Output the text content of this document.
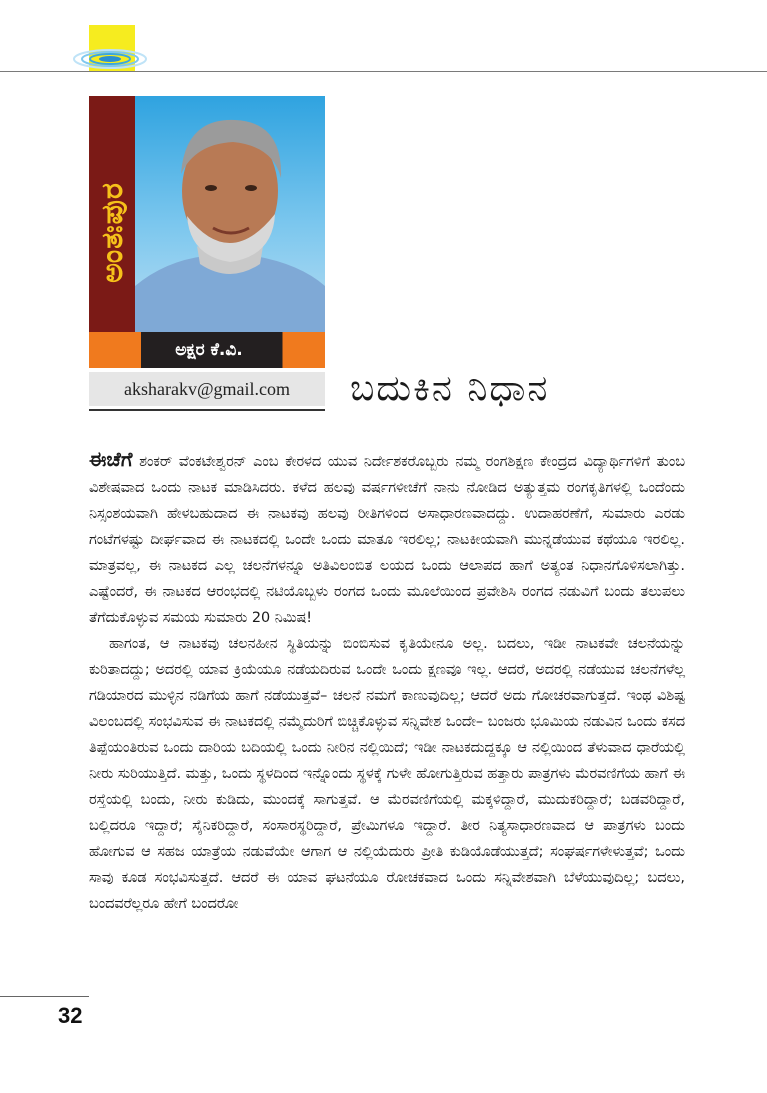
ಅಂತಃಪುರ
ಅಕ್ಷರ ಕೆ.ವಿ.
aksharakv@gmail.com ಬದುಕಿನ ನಿಧಾನ

ಈಚೆಗೆ ಶಂಕರ್ ವೆಂಕಟೇಶ್ವರನ್ ಎಂಬ ಕೇರಳದ ಯುವ ನಿರ್ದೇಶಕರೊಬ್ಬರು ನಮ್ಮ ರಂಗಶಿಕ್ಷಣ ಕೇಂದ್ರದ ವಿದ್ಯಾರ್ಥಿಗಳಿಗೆ ತುಂಬ ವಿಶೇಷವಾದ ಒಂದು ನಾಟಕ ಮಾಡಿಸಿದರು. ಕಳೆದ ಹಲವು ವರ್ಷಗಳೀಚೆಗೆ ನಾನು ನೋಡಿದ ಅತ್ಯುತ್ತಮ ರಂಗಕೃತಿಗಳಲ್ಲಿ ಒಂದೆಂದು ನಿಸ್ಸಂಶಯವಾಗಿ ಹೇಳಬಹುದಾದ ಈ ನಾಟಕವು ಹಲವು ರೀತಿಗಳಿಂದ ಅಸಾಧಾರಣವಾದದ್ದು. ಉದಾಹರಣೆಗೆ, ಸುಮಾರು ಎರಡು ಗಂಟೆಗಳಷ್ಟು ದೀರ್ಘವಾದ ಈ ನಾಟಕದಲ್ಲಿ ಒಂದೇ ಒಂದು ಮಾತೂ ಇರಲಿಲ್ಲ; ನಾಟಕೀಯವಾಗಿ ಮುನ್ನಡೆಯುವ ಕಥೆಯೂ ಇರಲಿಲ್ಲ. ಮಾತ್ರವಲ್ಲ, ಈ ನಾಟಕದ ಎಲ್ಲ ಚಲನೆಗಳನ್ನೂ ಅತಿವಿಲಂಬಿತ ಲಯದ ಒಂದು ಆಲಾಪದ ಹಾಗೆ ಅತ್ಯಂತ ನಿಧಾನಗೊಳಿಸಲಾಗಿತ್ತು. ಎಷ್ಟೆಂದರೆ, ಈ ನಾಟಕದ ಆರಂಭದಲ್ಲಿ ನಟಿಯೊಬ್ಬಳು ರಂಗದ ಒಂದು ಮೂಲೆಯಿಂದ ಪ್ರವೇಶಿಸಿ ರಂಗದ ನಡುವಿಗೆ ಬಂದು ತಲುಪಲು ತೆಗೆದುಕೊಳ್ಳುವ ಸಮಯ ಸುಮಾರು 20 ನಿಮಿಷ!

ಹಾಗಂತ, ಆ ನಾಟಕವು ಚಲನಹೀನ ಸ್ಥಿತಿಯನ್ನು ಬಿಂಬಿಸುವ ಕೃತಿಯೇನೂ ಅಲ್ಲ. ಬದಲು, ಇಡೀ ನಾಟಕವೇ ಚಲನೆಯನ್ನು ಕುರಿತಾದದ್ದು; ಅದರಲ್ಲಿ ಯಾವ ಕ್ರಿಯೆಯೂ ನಡೆಯದಿರುವ ಒಂದೇ ಒಂದು ಕ್ಷಣವೂ ಇಲ್ಲ. ಆದರೆ, ಅದರಲ್ಲಿ ನಡೆಯುವ ಚಲನೆಗಳೆಲ್ಲ ಗಡಿಯಾರದ ಮುಳ್ಳಿನ ನಡಿಗೆಯ ಹಾಗೆ ನಡೆಯುತ್ತವೆ– ಚಲನೆ ನಮಗೆ ಕಾಣುವುದಿಲ್ಲ; ಆದರೆ ಅದು ಗೋಚರವಾಗುತ್ತದೆ. ಇಂಥ ವಿಶಿಷ್ಟ ವಿಲಂಬದಲ್ಲಿ ಸಂಭವಿಸುವ ಈ ನಾಟಕದಲ್ಲಿ ನಮ್ಮೆದುರಿಗೆ ಬಿಚ್ಚಿಕೊಳ್ಳುವ ಸನ್ನಿವೇಶ ಒಂದೇ– ಬಂಜರು ಭೂಮಿಯ ನಡುವಿನ ಒಂದು ಕಸದ ತಿಪ್ಪೆಯಂತಿರುವ ಒಂದು ದಾರಿಯ ಬದಿಯಲ್ಲಿ ಒಂದು ನೀರಿನ ನಲ್ಲಿಯಿದೆ; ಇಡೀ ನಾಟಕದುದ್ದಕ್ಕೂ ಆ ನಲ್ಲಿಯಿಂದ ತೆಳುವಾದ ಧಾರೆಯಲ್ಲಿ ನೀರು ಸುರಿಯುತ್ತಿದೆ. ಮತ್ತು, ಒಂದು ಸ್ಥಳದಿಂದ ಇನ್ನೊಂದು ಸ್ಥಳಕ್ಕೆ ಗುಳೇ ಹೋಗುತ್ತಿರುವ ಹತ್ತಾರು ಪಾತ್ರಗಳು ಮೆರವಣಿಗೆಯ ಹಾಗೆ ಈ ರಸ್ತೆಯಲ್ಲಿ ಬಂದು, ನೀರು ಕುಡಿದು, ಮುಂದಕ್ಕೆ ಸಾಗುತ್ತವೆ. ಆ ಮೆರವಣಿಗೆಯಲ್ಲಿ ಮಕ್ಕಳಿದ್ದಾರೆ, ಮುದುಕರಿದ್ದಾರೆ; ಬಡವರಿದ್ದಾರೆ, ಬಲ್ಲಿದರೂ ಇದ್ದಾರೆ; ಸೈನಿಕರಿದ್ದಾರೆ, ಸಂಸಾರಸ್ಥರಿದ್ದಾರೆ, ಪ್ರೇಮಿಗಳೂ ಇದ್ದಾರೆ. ತೀರ ನಿತ್ಯಸಾಧಾರಣವಾದ ಆ ಪಾತ್ರಗಳು ಬಂದು ಹೋಗುವ ಆ ಸಹಜ ಯಾತ್ರೆಯ ನಡುವೆಯೇ ಆಗಾಗ ಆ ನಲ್ಲಿಯೆದುರು ಪ್ರೀತಿ ಕುಡಿಯೊಡೆಯುತ್ತದೆ; ಸಂಘರ್ಷಗಳೇಳುತ್ತವೆ; ಒಂದು ಸಾವು ಕೂಡ ಸಂಭವಿಸುತ್ತದೆ. ಆದರೆ ಈ ಯಾವ ಘಟನೆಯೂ ರೋಚಕವಾದ ಒಂದು ಸನ್ನಿವೇಶವಾಗಿ ಬೆಳೆಯುವುದಿಲ್ಲ; ಬದಲು, ಬಂದವರೆಲ್ಲರೂ ಹೇಗೆ ಬಂದರೋ

32
